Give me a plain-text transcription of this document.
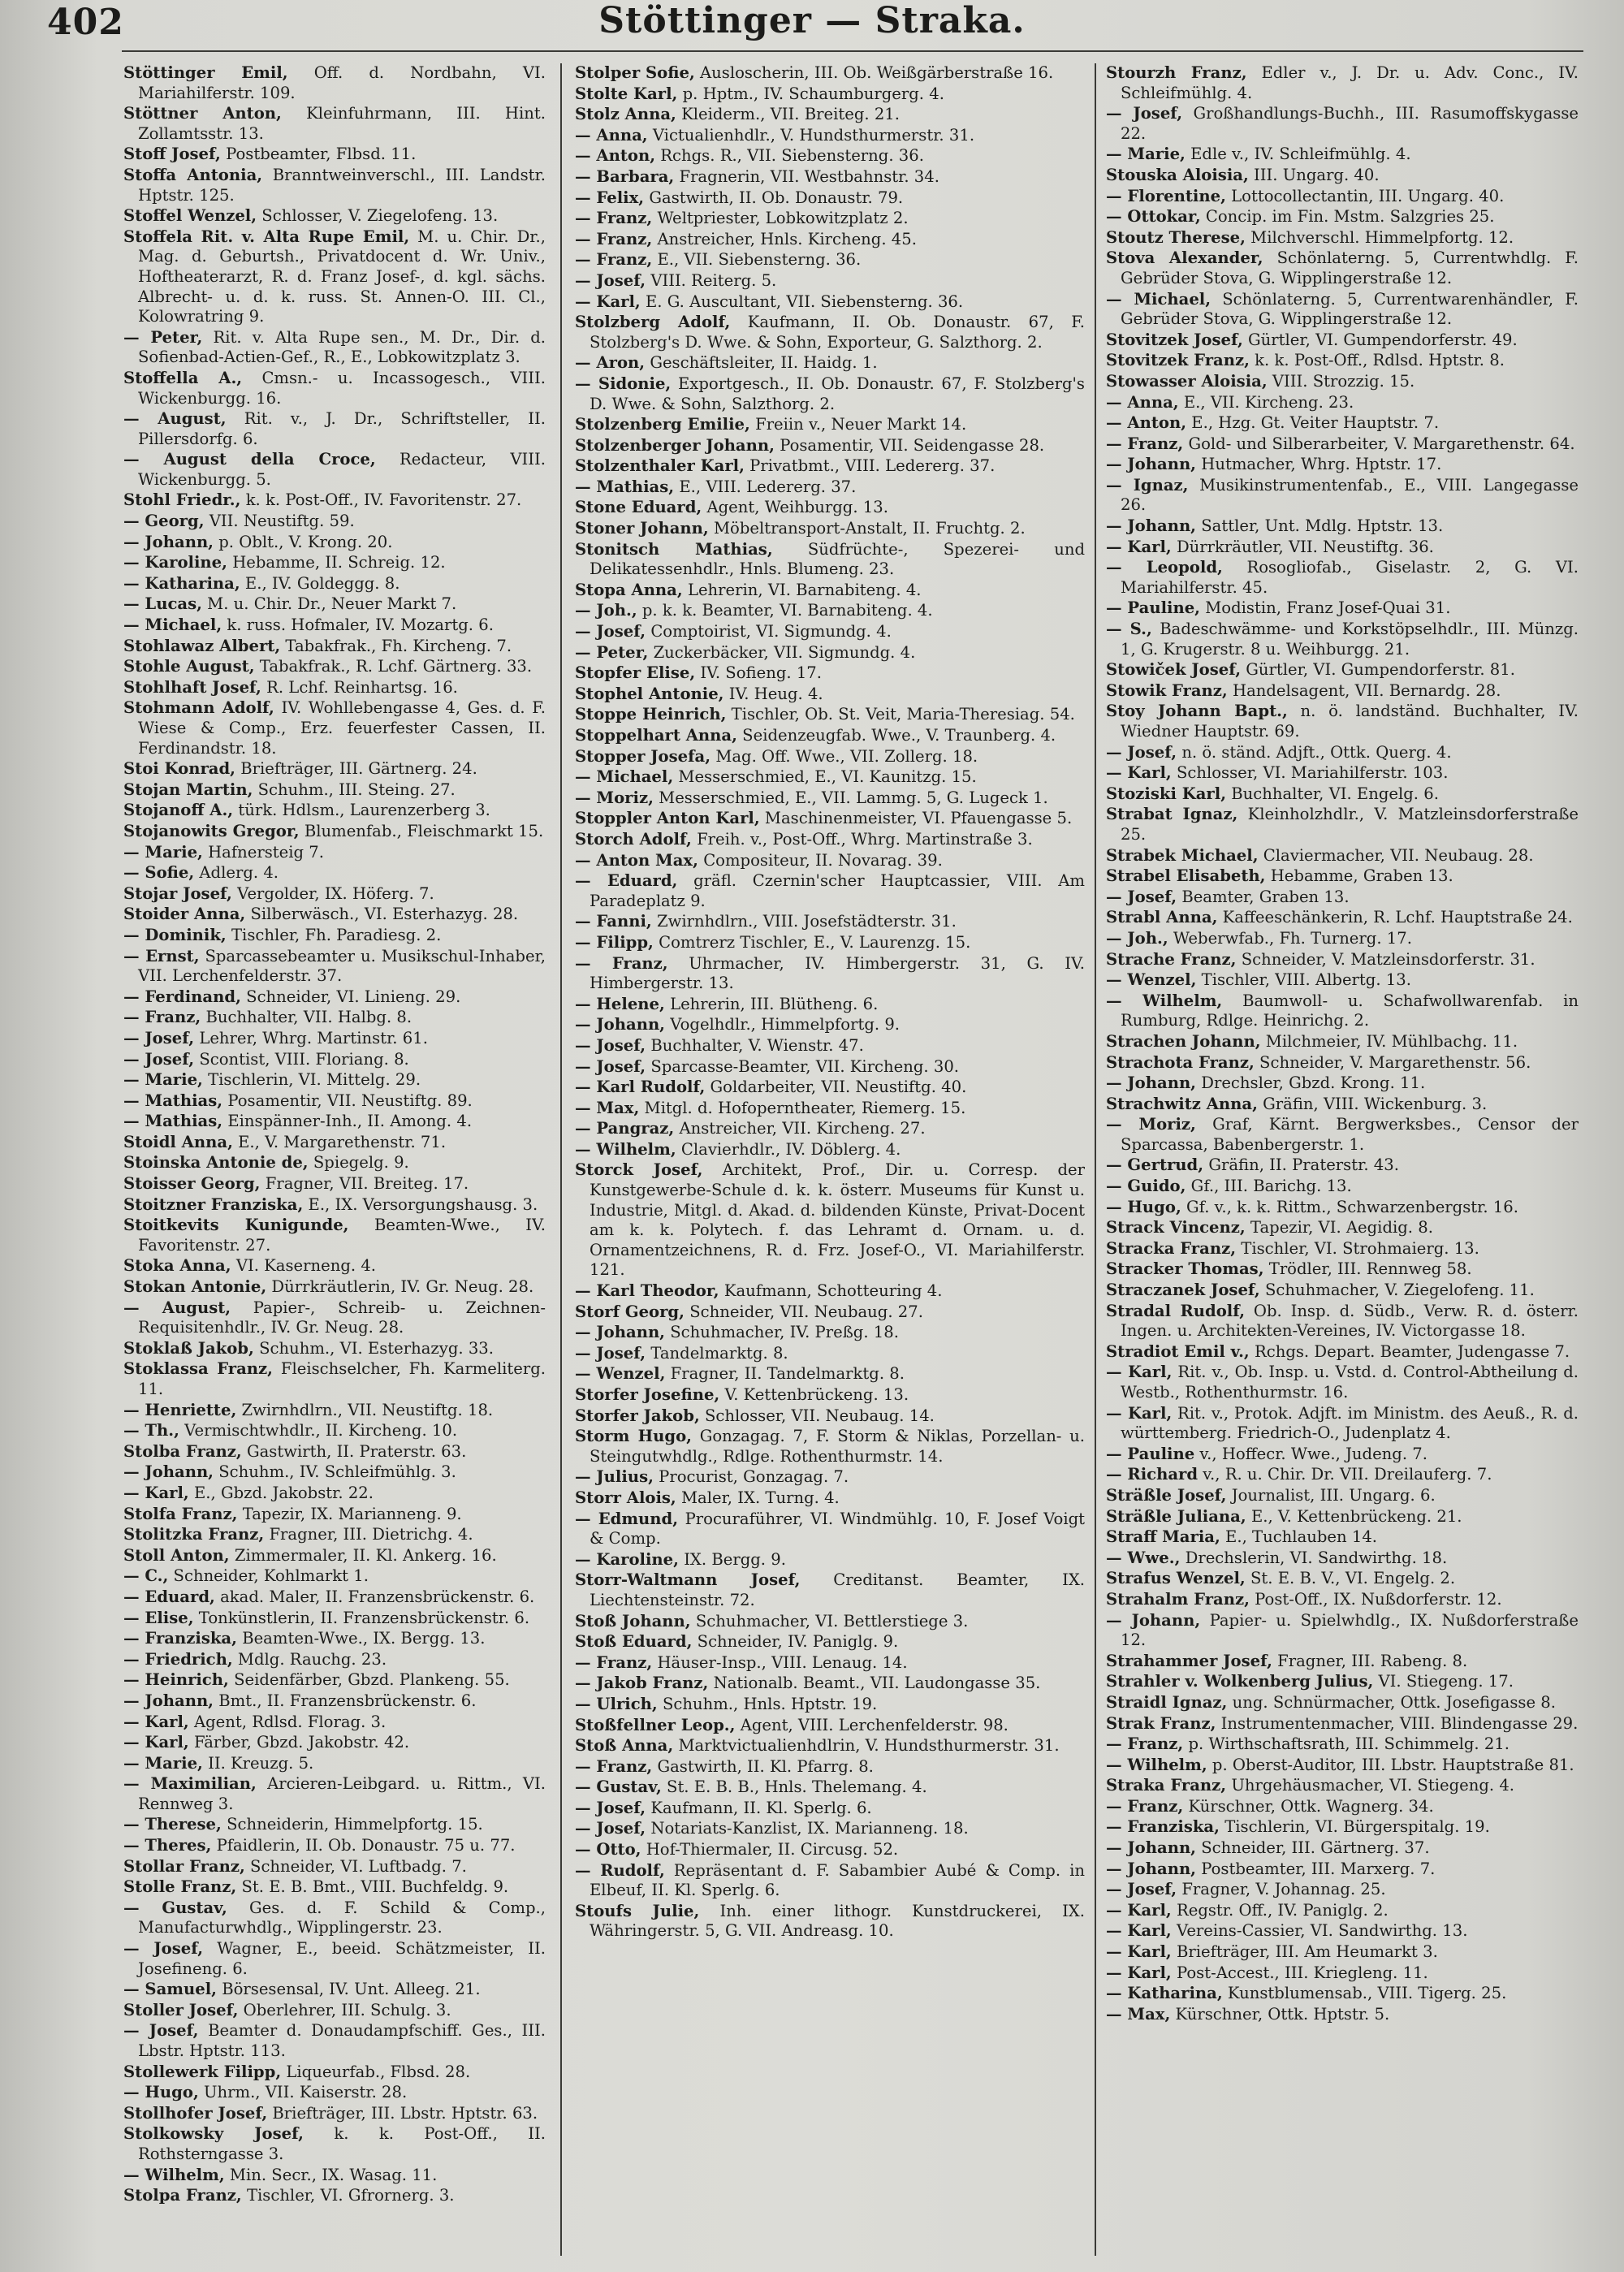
402	Stöttinger — Straka.

Stöttinger Emil, Off. d. Nordbahn, VI. Mariahilferstr. 109.

Stöttner Anton, Kleinfuhrmann, III. Hint. Zollamtsstr. 13.

Stoff Josef, Postbeamter, Flbsd. 11.

Stoffa Antonia, Branntweinverschl., III. Landstr. Hptstr. 125.

Stoffel Wenzel, Schlosser, V. Ziegelofeng. 13.

Stoffela Rit. v. Alta Rupe Emil, M. u. Chir. Dr., Mag. d. Geburtsh., Privatdocent d. Wr. Univ., Hoftheaterarzt, R. d. Franz Josef-, d. kgl. sächs. Albrecht- u. d. k. russ. St. Annen-O. III. Cl., Kolowratring 9.

— Peter, Rit. v. Alta Rupe sen., M. Dr., Dir. d. Sofienbad-Actien-Gef., R., E., Lobkowitzplatz 3.

Stoffella A., Cmsn.- u. Incassogesch., VIII. Wickenburgg. 16.

— August, Rit. v., J. Dr., Schriftsteller, II. Pillersdorfg. 6.

— August della Croce, Redacteur, VIII. Wickenburgg. 5.

Stohl Friedr., k. k. Post-Off., IV. Favoritenstr. 27.

— Georg, VII. Neustiftg. 59.

— Johann, p. Oblt., V. Krong. 20.

— Karoline, Hebamme, II. Schreig. 12.

— Katharina, E., IV. Goldeggg. 8.

— Lucas, M. u. Chir. Dr., Neuer Markt 7.

— Michael, k. russ. Hofmaler, IV. Mozartg. 6.

Stohlawaz Albert, Tabakfrak., Fh. Kircheng. 7.

Stohle August, Tabakfrak., R. Lchf. Gärtnerg. 33.

Stohlhaft Josef, R. Lchf. Reinhartsg. 16.

Stohmann Adolf, IV. Wohllebengasse 4, Ges. d. F. Wiese & Comp., Erz. feuerfester Cassen, II. Ferdinandstr. 18.

Stoi Konrad, Briefträger, III. Gärtnerg. 24.

Stojan Martin, Schuhm., III. Steing. 27.

Stojanoff A., türk. Hdlsm., Laurenzerberg 3.

Stojanowits Gregor, Blumenfab., Fleischmarkt 15.

— Marie, Hafnersteig 7.

— Sofie, Adlerg. 4.

Stojar Josef, Vergolder, IX. Höferg. 7.

Stoider Anna, Silberwäsch., VI. Esterhazyg. 28.

— Dominik, Tischler, Fh. Paradiesg. 2.

— Ernst, Sparcassebeamter u. Musikschul-Inhaber, VII. Lerchenfelderstr. 37.

— Ferdinand, Schneider, VI. Linieng. 29.

— Franz, Buchhalter, VII. Halbg. 8.

— Josef, Lehrer, Whrg. Martinstr. 61.

— Josef, Scontist, VIII. Floriang. 8.

— Marie, Tischlerin, VI. Mittelg. 29.

— Mathias, Posamentir, VII. Neustiftg. 89.

— Mathias, Einspänner-Inh., II. Among. 4.

Stoidl Anna, E., V. Margarethenstr. 71.

Stoinska Antonie de, Spiegelg. 9.

Stoisser Georg, Fragner, VII. Breiteg. 17.

Stoitzner Franziska, E., IX. Versorgungshausg. 3.

Stoitkevits Kunigunde, Beamten-Wwe., IV. Favoritenstr. 27.

Stoka Anna, VI. Kaserneng. 4.

Stokan Antonie, Dürrkräutlerin, IV. Gr. Neug. 28.

— August, Papier-, Schreib- u. Zeichnen-Requisitenhdlr., IV. Gr. Neug. 28.

Stoklaß Jakob, Schuhm., VI. Esterhazyg. 33.

Stoklassa Franz, Fleischselcher, Fh. Karmeliterg. 11.

— Henriette, Zwirnhdlrn., VII. Neustiftg. 18.

— Th., Vermischtwhdlr., II. Kircheng. 10.

Stolba Franz, Gastwirth, II. Praterstr. 63.

— Johann, Schuhm., IV. Schleifmühlg. 3.

— Karl, E., Gbzd. Jakobstr. 22.

Stolfa Franz, Tapezir, IX. Marianneng. 9.

Stolitzka Franz, Fragner, III. Dietrichg. 4.

Stoll Anton, Zimmermaler, II. Kl. Ankerg. 16.

— C., Schneider, Kohlmarkt 1.

— Eduard, akad. Maler, II. Franzensbrückenstr. 6.

— Elise, Tonkünstlerin, II. Franzensbrückenstr. 6.

— Franziska, Beamten-Wwe., IX. Bergg. 13.

— Friedrich, Mdlg. Rauchg. 23.

— Heinrich, Seidenfärber, Gbzd. Plankeng. 55.

— Johann, Bmt., II. Franzensbrückenstr. 6.

— Karl, Agent, Rdlsd. Florag. 3.

— Karl, Färber, Gbzd. Jakobstr. 42.

— Marie, II. Kreuzg. 5.

— Maximilian, Arcieren-Leibgard. u. Rittm., VI. Rennweg 3.

— Therese, Schneiderin, Himmelpfortg. 15.

— Theres, Pfaidlerin, II. Ob. Donaustr. 75 u. 77.

Stollar Franz, Schneider, VI. Luftbadg. 7.

Stolle Franz, St. E. B. Bmt., VIII. Buchfeldg. 9.

— Gustav, Ges. d. F. Schild & Comp., Manufacturwhdlg., Wipplingerstr. 23.

— Josef, Wagner, E., beeid. Schätzmeister, II. Josefineng. 6.

— Samuel, Börsesensal, IV. Unt. Alleeg. 21.

Stoller Josef, Oberlehrer, III. Schulg. 3.

— Josef, Beamter d. Donaudampfschiff. Ges., III. Lbstr. Hptstr. 113.

Stollewerk Filipp, Liqueurfab., Flbsd. 28.

— Hugo, Uhrm., VII. Kaiserstr. 28.

Stollhofer Josef, Briefträger, III. Lbstr. Hptstr. 63.

Stolkowsky Josef, k. k. Post-Off., II. Rothsterngasse 3.

— Wilhelm, Min. Secr., IX. Wasag. 11.

Stolpa Franz, Tischler, VI. Gfrornerg. 3.

Stolper Sofie, Ausloscherin, III. Ob. Weißgärberstraße 16.

Stolte Karl, p. Hptm., IV. Schaumburgerg. 4.

Stolz Anna, Kleiderm., VII. Breiteg. 21.

— Anna, Victualienhdlr., V. Hundsthurmerstr. 31.

— Anton, Rchgs. R., VII. Siebensterng. 36.

— Barbara, Fragnerin, VII. Westbahnstr. 34.

— Felix, Gastwirth, II. Ob. Donaustr. 79.

— Franz, Weltpriester, Lobkowitzplatz 2.

— Franz, Anstreicher, Hnls. Kircheng. 45.

— Franz, E., VII. Siebensterng. 36.

— Josef, VIII. Reiterg. 5.

— Karl, E. G. Auscultant, VII. Siebensterng. 36.

Stolzberg Adolf, Kaufmann, II. Ob. Donaustr. 67, F. Stolzberg's D. Wwe. & Sohn, Exporteur, G. Salzthorg. 2.

— Aron, Geschäftsleiter, II. Haidg. 1.

— Sidonie, Exportgesch., II. Ob. Donaustr. 67, F. Stolzberg's D. Wwe. & Sohn, Salzthorg. 2.

Stolzenberg Emilie, Freiin v., Neuer Markt 14.

Stolzenberger Johann, Posamentir, VII. Seidengasse 28.

Stolzenthaler Karl, Privatbmt., VIII. Ledererg. 37.

— Mathias, E., VIII. Ledererg. 37.

Stone Eduard, Agent, Weihburgg. 13.

Stoner Johann, Möbeltransport-Anstalt, II. Fruchtg. 2.

Stonitsch Mathias, Südfrüchte-, Spezerei- und Delikatessenhdlr., Hnls. Blumeng. 23.

Stopa Anna, Lehrerin, VI. Barnabiteng. 4.

— Joh., p. k. k. Beamter, VI. Barnabiteng. 4.

— Josef, Comptoirist, VI. Sigmundg. 4.

— Peter, Zuckerbäcker, VII. Sigmundg. 4.

Stopfer Elise, IV. Sofieng. 17.

Stophel Antonie, IV. Heug. 4.

Stoppe Heinrich, Tischler, Ob. St. Veit, Maria-Theresiag. 54.

Stoppelhart Anna, Seidenzeugfab. Wwe., V. Traunberg. 4.

Stopper Josefa, Mag. Off. Wwe., VII. Zollerg. 18.

— Michael, Messerschmied, E., VI. Kaunitzg. 15.

— Moriz, Messerschmied, E., VII. Lammg. 5, G. Lugeck 1.

Stoppler Anton Karl, Maschinenmeister, VI. Pfauengasse 5.

Storch Adolf, Freih. v., Post-Off., Whrg. Martinstraße 3.

— Anton Max, Compositeur, II. Novarag. 39.

— Eduard, gräfl. Czernin'scher Hauptcassier, VIII. Am Paradeplatz 9.

— Fanni, Zwirnhdlrn., VIII. Josefstädterstr. 31.

— Filipp, Comtrerz Tischler, E., V. Laurenzg. 15.

— Franz, Uhrmacher, IV. Himbergerstr. 31, G. IV. Himbergerstr. 13.

— Helene, Lehrerin, III. Blütheng. 6.

— Johann, Vogelhdlr., Himmelpfortg. 9.

— Josef, Buchhalter, V. Wienstr. 47.

— Josef, Sparcasse-Beamter, VII. Kircheng. 30.

— Karl Rudolf, Goldarbeiter, VII. Neustiftg. 40.

— Max, Mitgl. d. Hofoperntheater, Riemerg. 15.

— Pangraz, Anstreicher, VII. Kircheng. 27.

— Wilhelm, Clavierhdlr., IV. Döblerg. 4.

Storck Josef, Architekt, Prof., Dir. u. Corresp. der Kunstgewerbe-Schule d. k. k. österr. Museums für Kunst u. Industrie, Mitgl. d. Akad. d. bildenden Künste, Privat-Docent am k. k. Polytech. f. das Lehramt d. Ornam. u. d. Ornamentzeichnens, R. d. Frz. Josef-O., VI. Mariahilferstr. 121.

— Karl Theodor, Kaufmann, Schotteuring 4.

Storf Georg, Schneider, VII. Neubaug. 27.

— Johann, Schuhmacher, IV. Preßg. 18.

— Josef, Tandelmarktg. 8.

— Wenzel, Fragner, II. Tandelmarktg. 8.

Storfer Josefine, V. Kettenbrückeng. 13.

Storfer Jakob, Schlosser, VII. Neubaug. 14.

Storm Hugo, Gonzagag. 7, F. Storm & Niklas, Porzellan- u. Steingutwhdlg., Rdlge. Rothenthurmstr. 14.

— Julius, Procurist, Gonzagag. 7.

Storr Alois, Maler, IX. Turng. 4.

— Edmund, Procuraführer, VI. Windmühlg. 10, F. Josef Voigt & Comp.

— Karoline, IX. Bergg. 9.

Storr-Waltmann Josef, Creditanst. Beamter, IX. Liechtensteinstr. 72.

Stoß Johann, Schuhmacher, VI. Bettlerstiege 3.

Stoß Eduard, Schneider, IV. Paniglg. 9.

— Franz, Häuser-Insp., VIII. Lenaug. 14.

— Jakob Franz, Nationalb. Beamt., VII. Laudongasse 35.

— Ulrich, Schuhm., Hnls. Hptstr. 19.

Stoßfellner Leop., Agent, VIII. Lerchenfelderstr. 98.

Stoß Anna, Marktvictualienhdlrin, V. Hundsthurmerstr. 31.

— Franz, Gastwirth, II. Kl. Pfarrg. 8.

— Gustav, St. E. B. B., Hnls. Thelemang. 4.

— Josef, Kaufmann, II. Kl. Sperlg. 6.

— Josef, Notariats-Kanzlist, IX. Marianneng. 18.

— Otto, Hof-Thiermaler, II. Circusg. 52.

— Rudolf, Repräsentant d. F. Sabambier Aubé & Comp. in Elbeuf, II. Kl. Sperlg. 6.

Stoufs Julie, Inh. einer lithogr. Kunstdruckerei, IX. Währingerstr. 5, G. VII. Andreasg. 10.

Stourzh Franz, Edler v., J. Dr. u. Adv. Conc., IV. Schleifmühlg. 4.

— Josef, Großhandlungs-Buchh., III. Rasumoffskygasse 22.

— Marie, Edle v., IV. Schleifmühlg. 4.

Stouska Aloisia, III. Ungarg. 40.

— Florentine, Lottocollectantin, III. Ungarg. 40.

— Ottokar, Concip. im Fin. Mstm. Salzgries 25.

Stoutz Therese, Milchverschl. Himmelpfortg. 12.

Stova Alexander, Schönlaterng. 5, Currentwhdlg. F. Gebrüder Stova, G. Wipplingerstraße 12.

— Michael, Schönlaterng. 5, Currentwarenhändler, F. Gebrüder Stova, G. Wipplingerstraße 12.

Stovitzek Josef, Gürtler, VI. Gumpendorferstr. 49.

Stovitzek Franz, k. k. Post-Off., Rdlsd. Hptstr. 8.

Stowasser Aloisia, VIII. Strozzig. 15.

— Anna, E., VII. Kircheng. 23.

— Anton, E., Hzg. Gt. Veiter Hauptstr. 7.

— Franz, Gold- und Silberarbeiter, V. Margarethenstr. 64.

— Johann, Hutmacher, Whrg. Hptstr. 17.

— Ignaz, Musikinstrumentenfab., E., VIII. Langegasse 26.

— Johann, Sattler, Unt. Mdlg. Hptstr. 13.

— Karl, Dürrkräutler, VII. Neustiftg. 36.

— Leopold, Rosogliofab., Giselastr. 2, G. VI. Mariahilferstr. 45.

— Pauline, Modistin, Franz Josef-Quai 31.

— S., Badeschwämme- und Korkstöpselhdlr., III. Münzg. 1, G. Krugerstr. 8 u. Weihburgg. 21.

Stowiček Josef, Gürtler, VI. Gumpendorferstr. 81.

Stowik Franz, Handelsagent, VII. Bernardg. 28.

Stoy Johann Bapt., n. ö. landständ. Buchhalter, IV. Wiedner Hauptstr. 69.

— Josef, n. ö. ständ. Adjft., Ottk. Querg. 4.

— Karl, Schlosser, VI. Mariahilferstr. 103.

Stoziski Karl, Buchhalter, VI. Engelg. 6.

Strabat Ignaz, Kleinholzhdlr., V. Matzleinsdorferstraße 25.

Strabek Michael, Claviermacher, VII. Neubaug. 28.

Strabel Elisabeth, Hebamme, Graben 13.

— Josef, Beamter, Graben 13.

Strabl Anna, Kaffeeschänkerin, R. Lchf. Hauptstraße 24.

— Joh., Weberwfab., Fh. Turnerg. 17.

Strache Franz, Schneider, V. Matzleinsdorferstr. 31.

— Wenzel, Tischler, VIII. Albertg. 13.

— Wilhelm, Baumwoll- u. Schafwollwarenfab. in Rumburg, Rdlge. Heinrichg. 2.

Strachen Johann, Milchmeier, IV. Mühlbachg. 11.

Strachota Franz, Schneider, V. Margarethenstr. 56.

— Johann, Drechsler, Gbzd. Krong. 11.

Strachwitz Anna, Gräfin, VIII. Wickenburg. 3.

— Moriz, Graf, Kärnt. Bergwerksbes., Censor der Sparcassa, Babenbergerstr. 1.

— Gertrud, Gräfin, II. Praterstr. 43.

— Guido, Gf., III. Barichg. 13.

— Hugo, Gf. v., k. k. Rittm., Schwarzenbergstr. 16.

Strack Vincenz, Tapezir, VI. Aegidig. 8.

Stracka Franz, Tischler, VI. Strohmaierg. 13.

Stracker Thomas, Trödler, III. Rennweg 58.

Straczanek Josef, Schuhmacher, V. Ziegelofeng. 11.

Stradal Rudolf, Ob. Insp. d. Südb., Verw. R. d. österr. Ingen. u. Architekten-Vereines, IV. Victorgasse 18.

Stradiot Emil v., Rchgs. Depart. Beamter, Judengasse 7.

— Karl, Rit. v., Ob. Insp. u. Vstd. d. Control-Abtheilung d. Westb., Rothenthurmstr. 16.

— Karl, Rit. v., Protok. Adjft. im Ministm. des Aeuß., R. d. württemberg. Friedrich-O., Judenplatz 4.

— Pauline v., Hoffecr. Wwe., Judeng. 7.

— Richard v., R. u. Chir. Dr. VII. Dreilauferg. 7.

Sträßle Josef, Journalist, III. Ungarg. 6.

Sträßle Juliana, E., V. Kettenbrückeng. 21.

Straff Maria, E., Tuchlauben 14.

— Wwe., Drechslerin, VI. Sandwirthg. 18.

Strafus Wenzel, St. E. B. V., VI. Engelg. 2.

Strahalm Franz, Post-Off., IX. Nußdorferstr. 12.

— Johann, Papier- u. Spielwhdlg., IX. Nußdorferstraße 12.

Strahammer Josef, Fragner, III. Rabeng. 8.

Strahler v. Wolkenberg Julius, VI. Stiegeng. 17.

Straidl Ignaz, ung. Schnürmacher, Ottk. Josefigasse 8.

Strak Franz, Instrumentenmacher, VIII. Blindengasse 29.

— Franz, p. Wirthschaftsrath, III. Schimmelg. 21.

— Wilhelm, p. Oberst-Auditor, III. Lbstr. Hauptstraße 81.

Straka Franz, Uhrgehäusmacher, VI. Stiegeng. 4.

— Franz, Kürschner, Ottk. Wagnerg. 34.

— Franziska, Tischlerin, VI. Bürgerspitalg. 19.

— Johann, Schneider, III. Gärtnerg. 37.

— Johann, Postbeamter, III. Marxerg. 7.

— Josef, Fragner, V. Johannag. 25.

— Karl, Regstr. Off., IV. Paniglg. 2.

— Karl, Vereins-Cassier, VI. Sandwirthg. 13.

— Karl, Briefträger, III. Am Heumarkt 3.

— Karl, Post-Accest., III. Kriegleng. 11.

— Katharina, Kunstblumensab., VIII. Tigerg. 25.

— Max, Kürschner, Ottk. Hptstr. 5.
